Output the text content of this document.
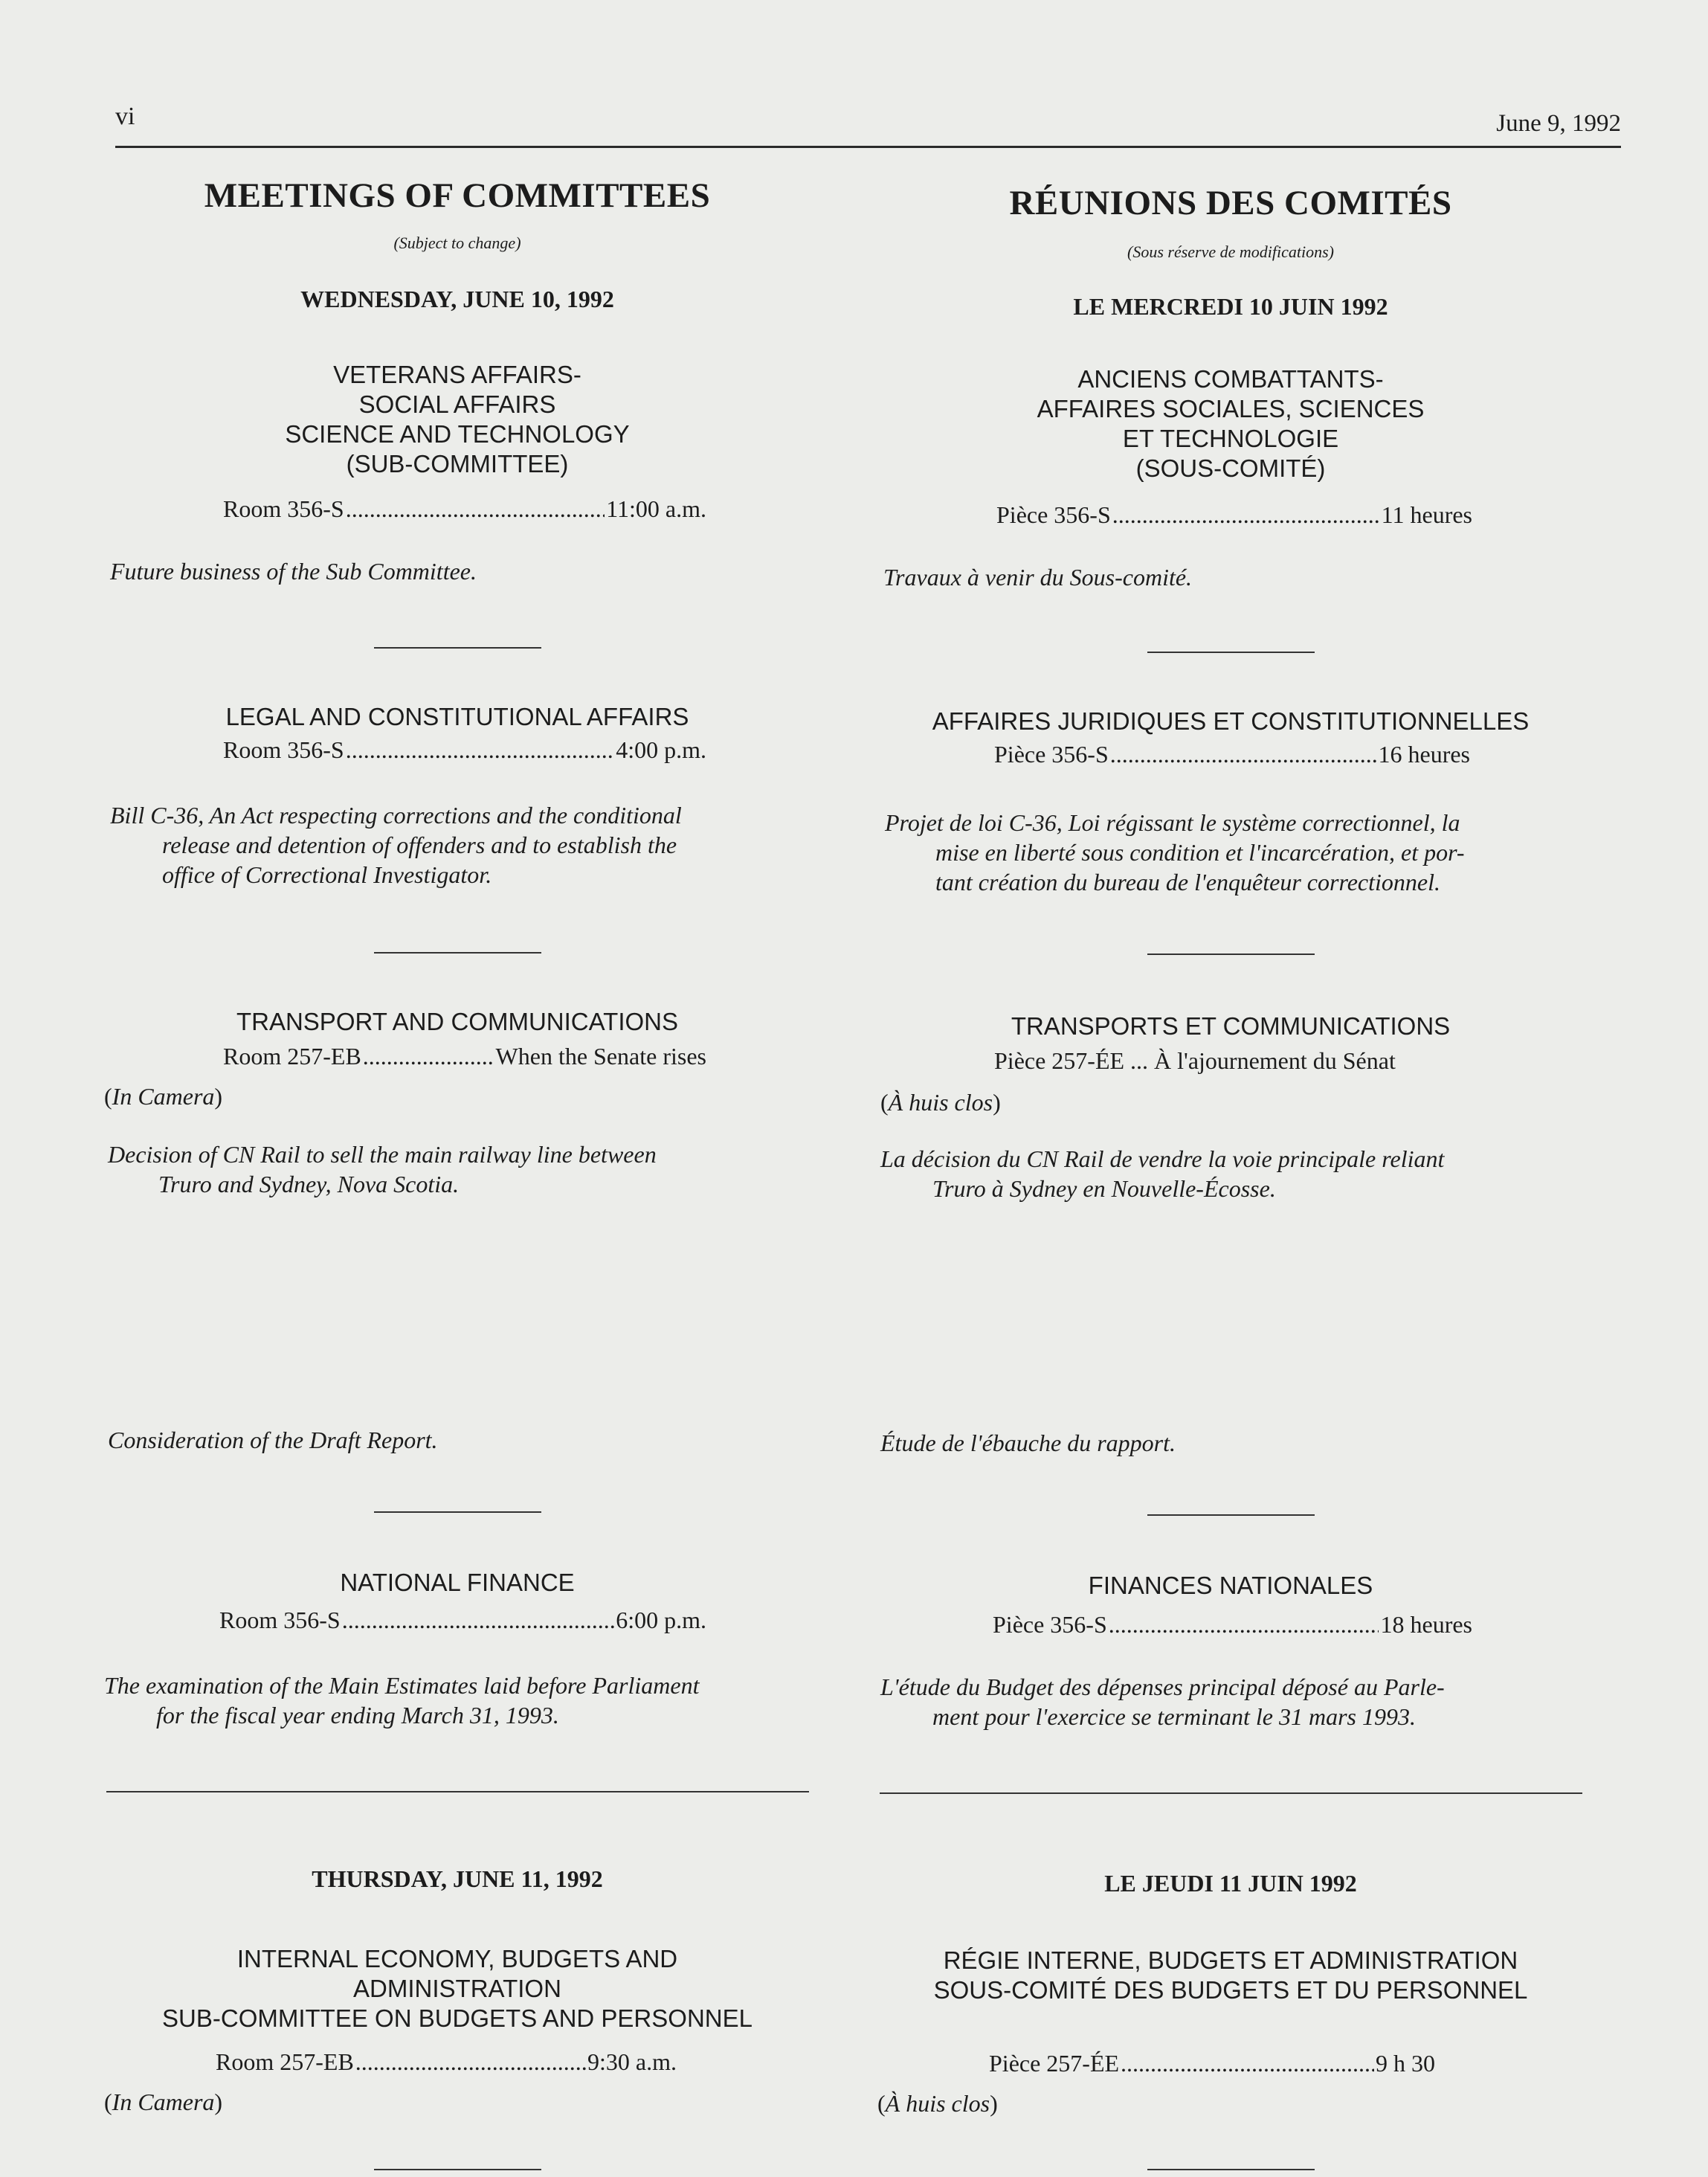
vi	June 9, 1992
MEETINGS OF COMMITTEES
(Subject to change)
WEDNESDAY, JUNE 10, 1992
VETERANS AFFAIRS-
SOCIAL AFFAIRS
SCIENCE AND TECHNOLOGY
(SUB-COMMITTEE)
Room 356-S .....	11:00 a.m.
Future business of the Sub Committee.
LEGAL AND CONSTITUTIONAL AFFAIRS
Room 356-S .....	4:00 p.m.
Bill C-36, An Act respecting corrections and the conditional
release and detention of offenders and to establish the
office of Correctional Investigator.
TRANSPORT AND COMMUNICATIONS
Room 257-EB .....	When the Senate rises
(In Camera)
Decision of CN Rail to sell the main railway line between
Truro and Sydney, Nova Scotia.
Consideration of the Draft Report.
NATIONAL FINANCE
Room 356-S .....	6:00 p.m.
The examination of the Main Estimates laid before Parliament
for the fiscal year ending March 31, 1993.
THURSDAY, JUNE 11, 1992
INTERNAL ECONOMY, BUDGETS AND
ADMINISTRATION
SUB-COMMITTEE ON BUDGETS AND PERSONNEL
Room 257-EB .....	9:30 a.m.
(In Camera)
RÉUNIONS DES COMITÉS
(Sous réserve de modifications)
LE MERCREDI 10 JUIN 1992
ANCIENS COMBATTANTS-
AFFAIRES SOCIALES, SCIENCES
ET TECHNOLOGIE
(SOUS-COMITÉ)
Pièce 356-S .....	11 heures
Travaux à venir du Sous-comité.
AFFAIRES JURIDIQUES ET CONSTITUTIONNELLES
Pièce 356-S .....	16 heures
Projet de loi C-36, Loi régissant le système correctionnel, la
mise en liberté sous condition et l'incarcération, et por-
tant création du bureau de l'enquêteur correctionnel.
TRANSPORTS ET COMMUNICATIONS
Pièce 257-ÉE ... À l'ajournement du Sénat
(À huis clos)
La décision du CN Rail de vendre la voie principale reliant
Truro à Sydney en Nouvelle-Écosse.
Étude de l'ébauche du rapport.
FINANCES NATIONALES
Pièce 356-S .....	18 heures
L'étude du Budget des dépenses principal déposé au Parle-
ment pour l'exercice se terminant le 31 mars 1993.
LE JEUDI 11 JUIN 1992
RÉGIE INTERNE, BUDGETS ET ADMINISTRATION
SOUS-COMITÉ DES BUDGETS ET DU PERSONNEL
Pièce 257-ÉE .....	9 h 30
(À huis clos)
